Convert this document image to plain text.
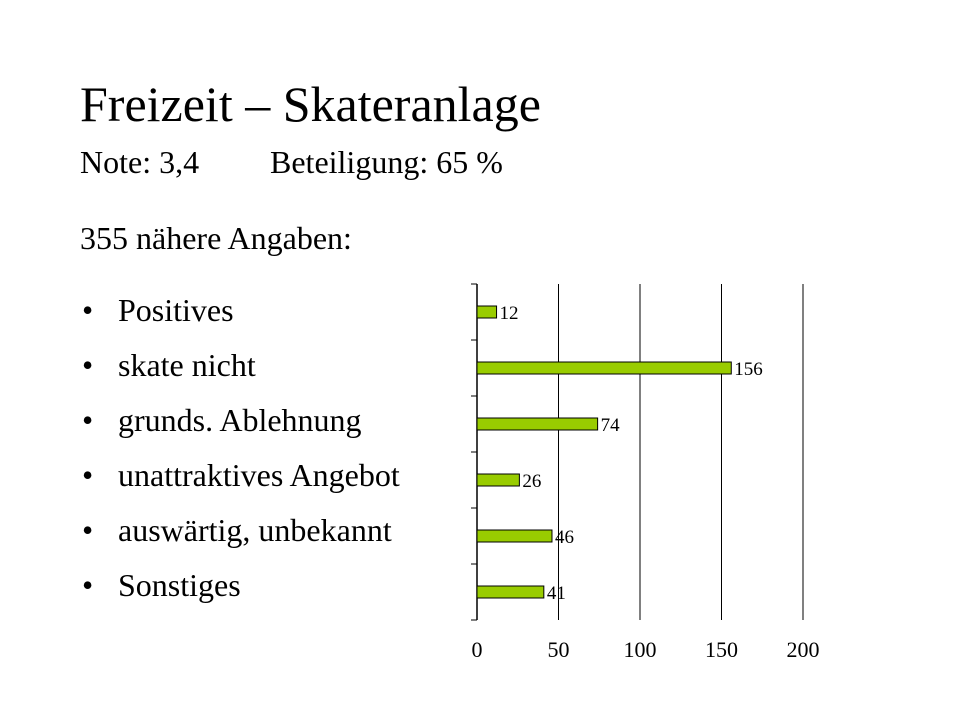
Freizeit – Skateranlage
Note: 3,4 Beteiligung: 65 %
355 nähere Angaben:
• Positives
• skate nicht
• grunds. Ablehnung
• unattraktives Angebot
• auswärtig, unbekannt
• Sonstiges
12
156
74
26
46
41
0	50 100 150 200
